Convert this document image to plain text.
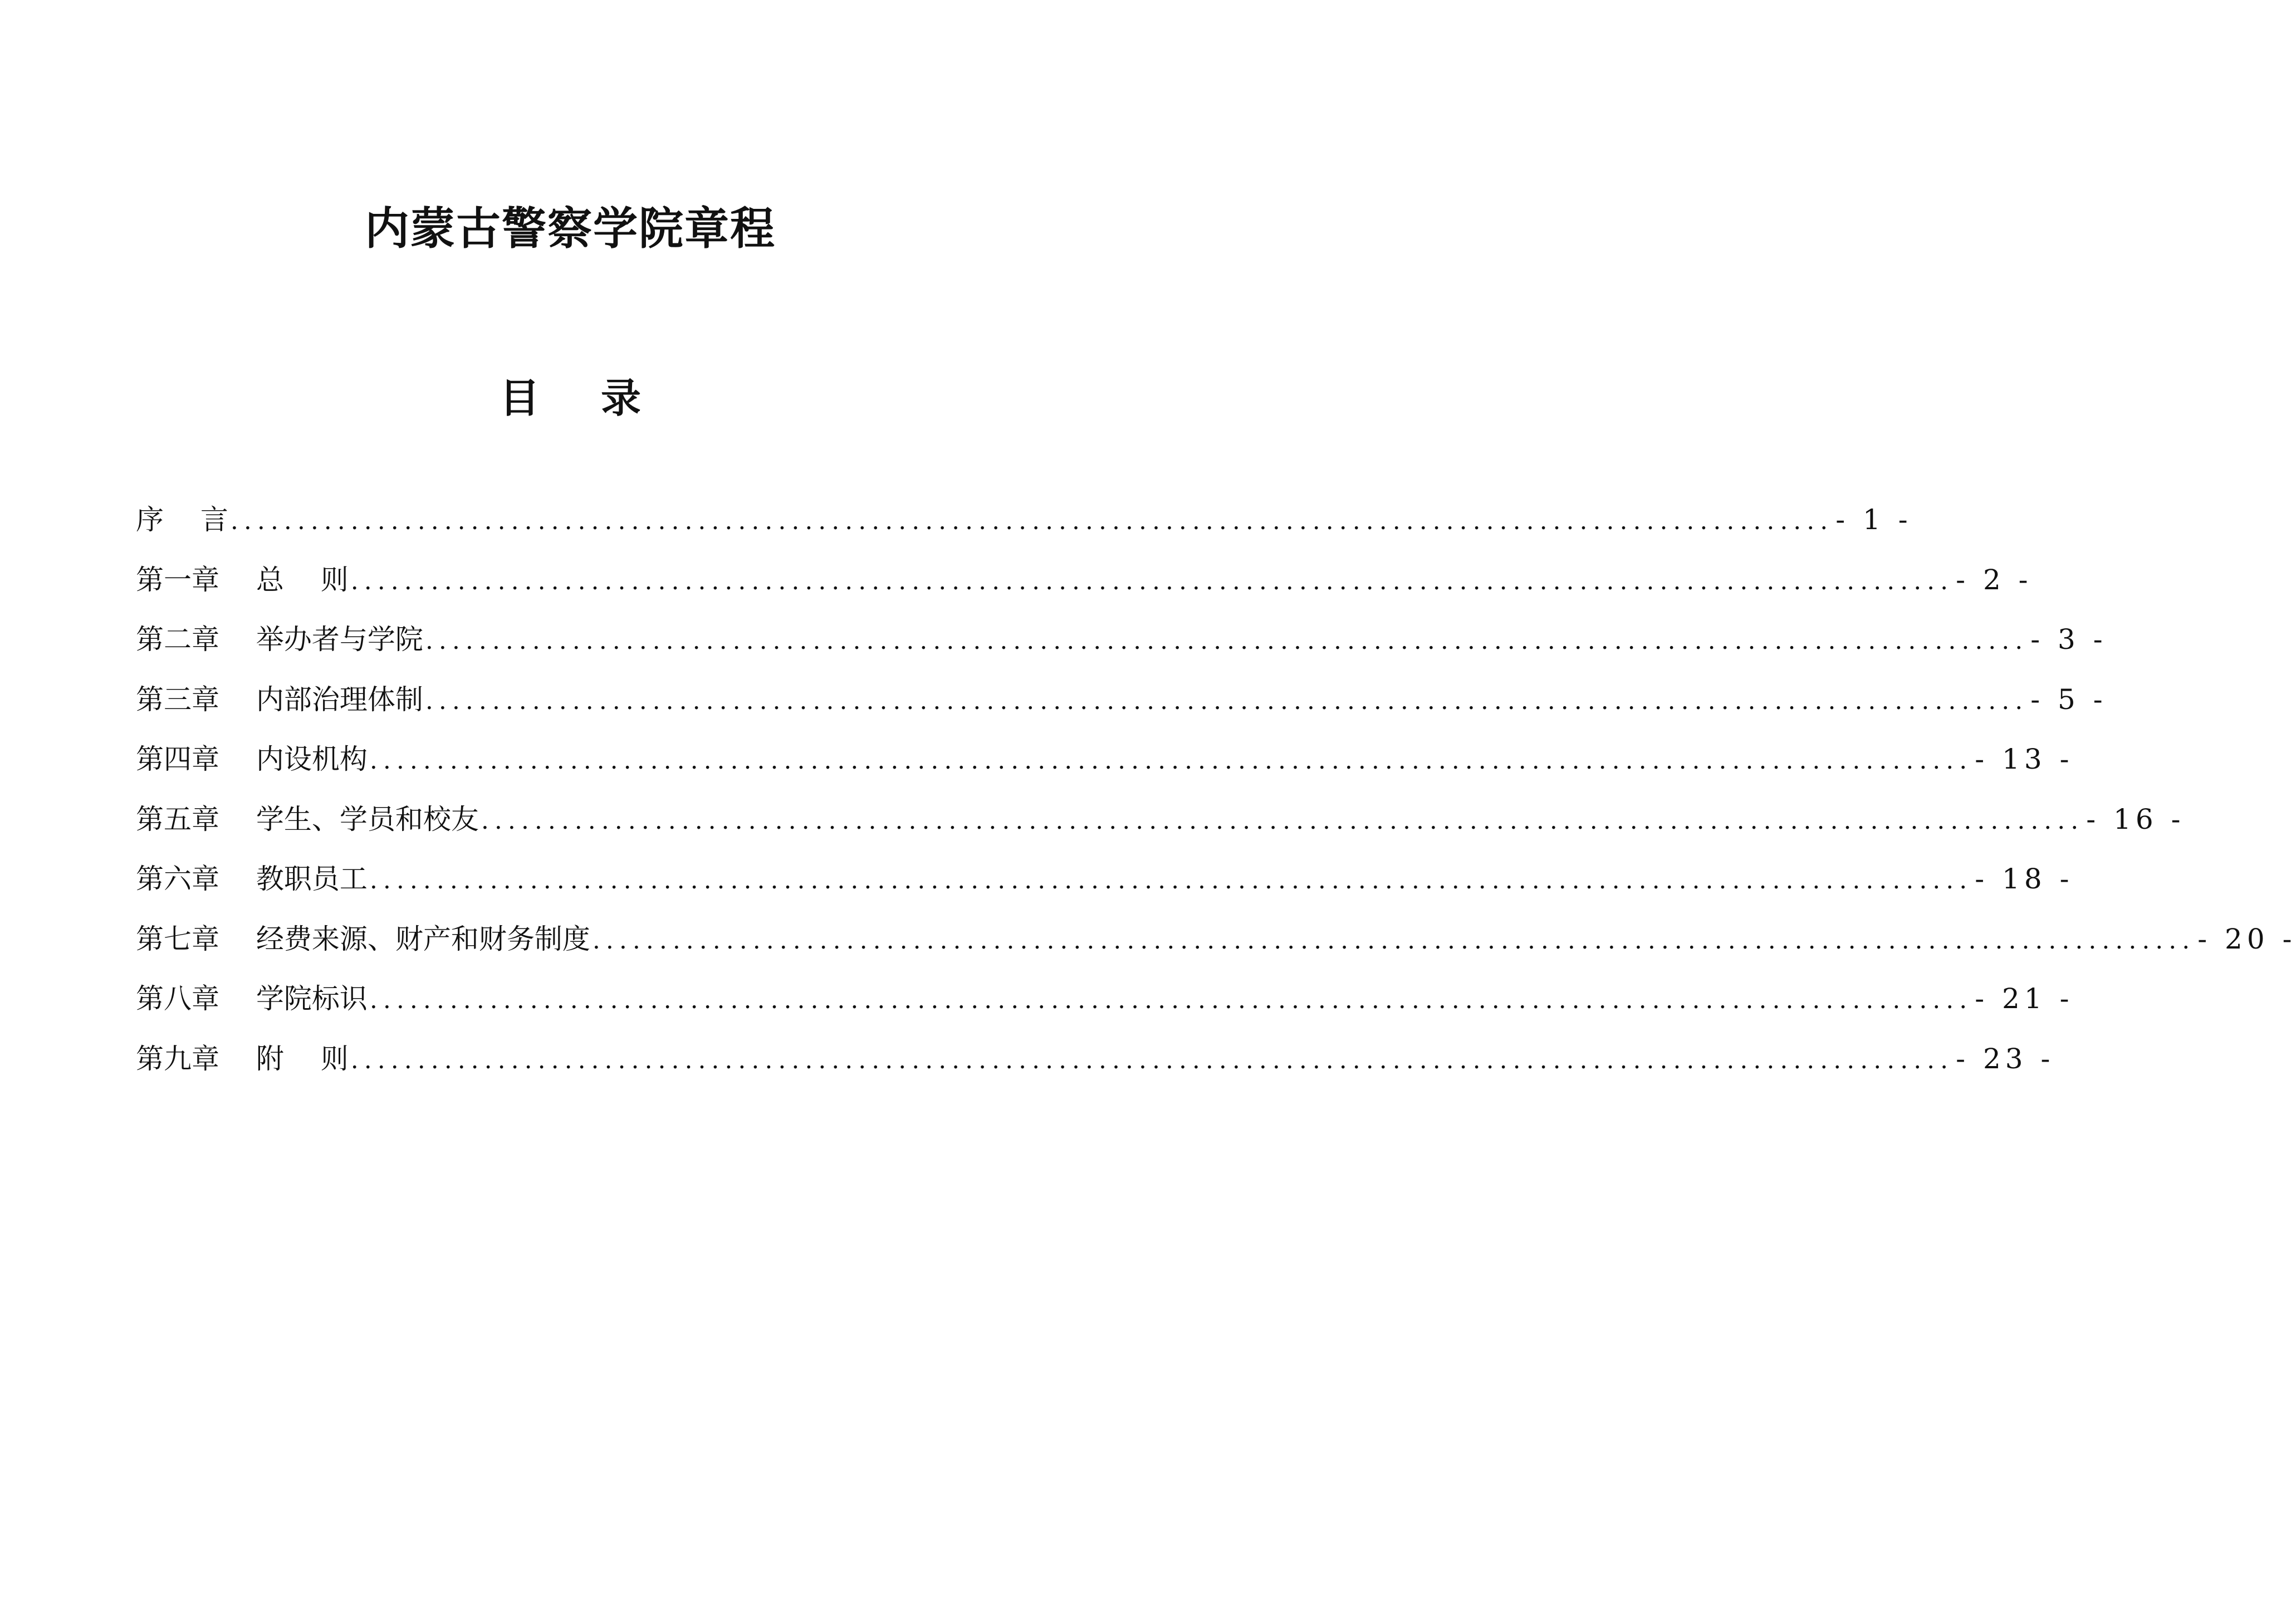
内蒙古警察学院章程
目 录
序　 言 ........................................................................................................................ - 1 -
第一章　 总　 则 ........................................................................................................................ - 2 -
第二章　 举办者与学院 ........................................................................................................................ - 3 -
第三章　 内部治理体制 ........................................................................................................................ - 5 -
第四章　 内设机构 ........................................................................................................................ - 13 -
第五章　 学生、学员和校友 ........................................................................................................................ - 16 -
第六章　 教职员工 ........................................................................................................................ - 18 -
第七章　 经费来源、财产和财务制度 ........................................................................................................................ - 20 -
第八章　 学院标识 ........................................................................................................................ - 21 -
第九章　 附　 则 ........................................................................................................................ - 23 -
